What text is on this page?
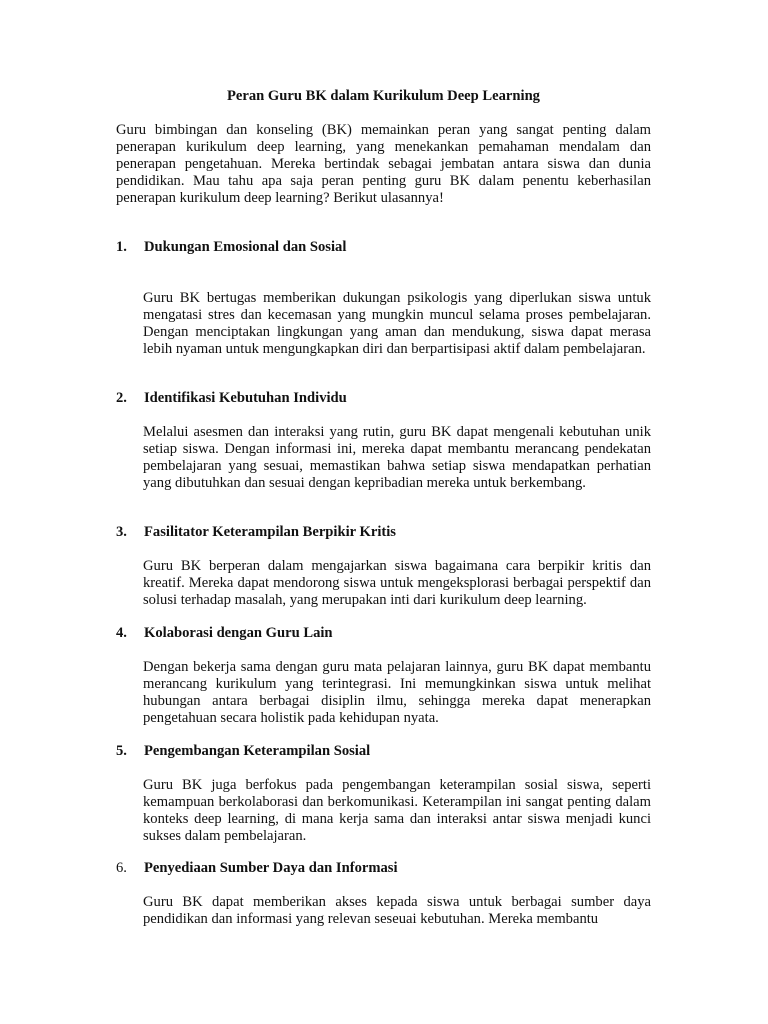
Peran Guru BK dalam Kurikulum Deep Learning
Guru bimbingan dan konseling (BK) memainkan peran yang sangat penting dalam penerapan kurikulum deep learning, yang menekankan pemahaman mendalam dan penerapan pengetahuan. Mereka bertindak sebagai jembatan antara siswa dan dunia pendidikan. Mau tahu apa saja peran penting guru BK dalam penentu keberhasilan penerapan kurikulum deep learning? Berikut ulasannya!
1. Dukungan Emosional dan Sosial
Guru BK bertugas memberikan dukungan psikologis yang diperlukan siswa untuk mengatasi stres dan kecemasan yang mungkin muncul selama proses pembelajaran. Dengan menciptakan lingkungan yang aman dan mendukung, siswa dapat merasa lebih nyaman untuk mengungkapkan diri dan berpartisipasi aktif dalam pembelajaran.
2. Identifikasi Kebutuhan Individu
Melalui asesmen dan interaksi yang rutin, guru BK dapat mengenali kebutuhan unik setiap siswa. Dengan informasi ini, mereka dapat membantu merancang pendekatan pembelajaran yang sesuai, memastikan bahwa setiap siswa mendapatkan perhatian yang dibutuhkan dan sesuai dengan kepribadian mereka untuk berkembang.
3. Fasilitator Keterampilan Berpikir Kritis
Guru BK berperan dalam mengajarkan siswa bagaimana cara berpikir kritis dan kreatif. Mereka dapat mendorong siswa untuk mengeksplorasi berbagai perspektif dan solusi terhadap masalah, yang merupakan inti dari kurikulum deep learning.
4. Kolaborasi dengan Guru Lain
Dengan bekerja sama dengan guru mata pelajaran lainnya, guru BK dapat membantu merancang kurikulum yang terintegrasi. Ini memungkinkan siswa untuk melihat hubungan antara berbagai disiplin ilmu, sehingga mereka dapat menerapkan pengetahuan secara holistik pada kehidupan nyata.
5. Pengembangan Keterampilan Sosial
Guru BK juga berfokus pada pengembangan keterampilan sosial siswa, seperti kemampuan berkolaborasi dan berkomunikasi. Keterampilan ini sangat penting dalam konteks deep learning, di mana kerja sama dan interaksi antar siswa menjadi kunci sukses dalam pembelajaran.
6. Penyediaan Sumber Daya dan Informasi
Guru BK dapat memberikan akses kepada siswa untuk berbagai sumber daya pendidikan dan informasi yang relevan seseuai kebutuhan. Mereka membantu
